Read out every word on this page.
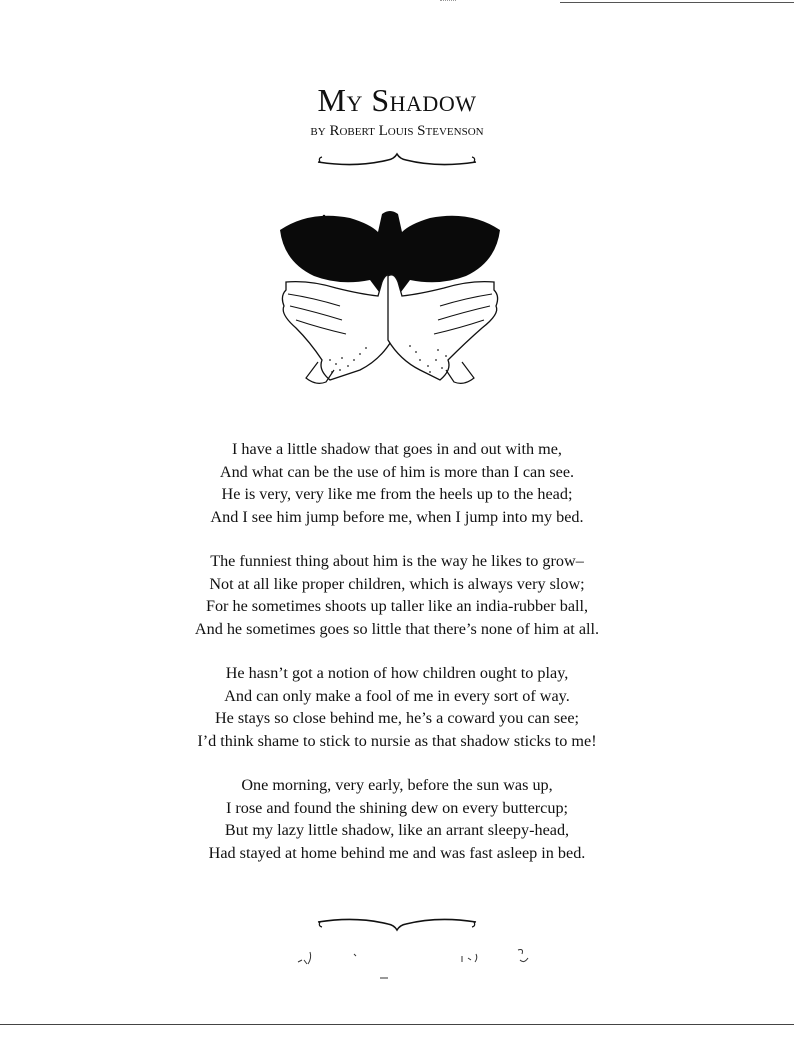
My Shadow
by Robert Louis Stevenson
I have a little shadow that goes in and out with me,
And what can be the use of him is more than I can see.
He is very, very like me from the heels up to the head;
And I see him jump before me, when I jump into my bed.
The funniest thing about him is the way he likes to grow–
Not at all like proper children, which is always very slow;
For he sometimes shoots up taller like an india-rubber ball,
And he sometimes goes so little that there’s none of him at all.
He hasn’t got a notion of how children ought to play,
And can only make a fool of me in every sort of way.
He stays so close behind me, he’s a coward you can see;
I’d think shame to stick to nursie as that shadow sticks to me!
One morning, very early, before the sun was up,
I rose and found the shining dew on every buttercup;
But my lazy little shadow, like an arrant sleepy-head,
Had stayed at home behind me and was fast asleep in bed.
